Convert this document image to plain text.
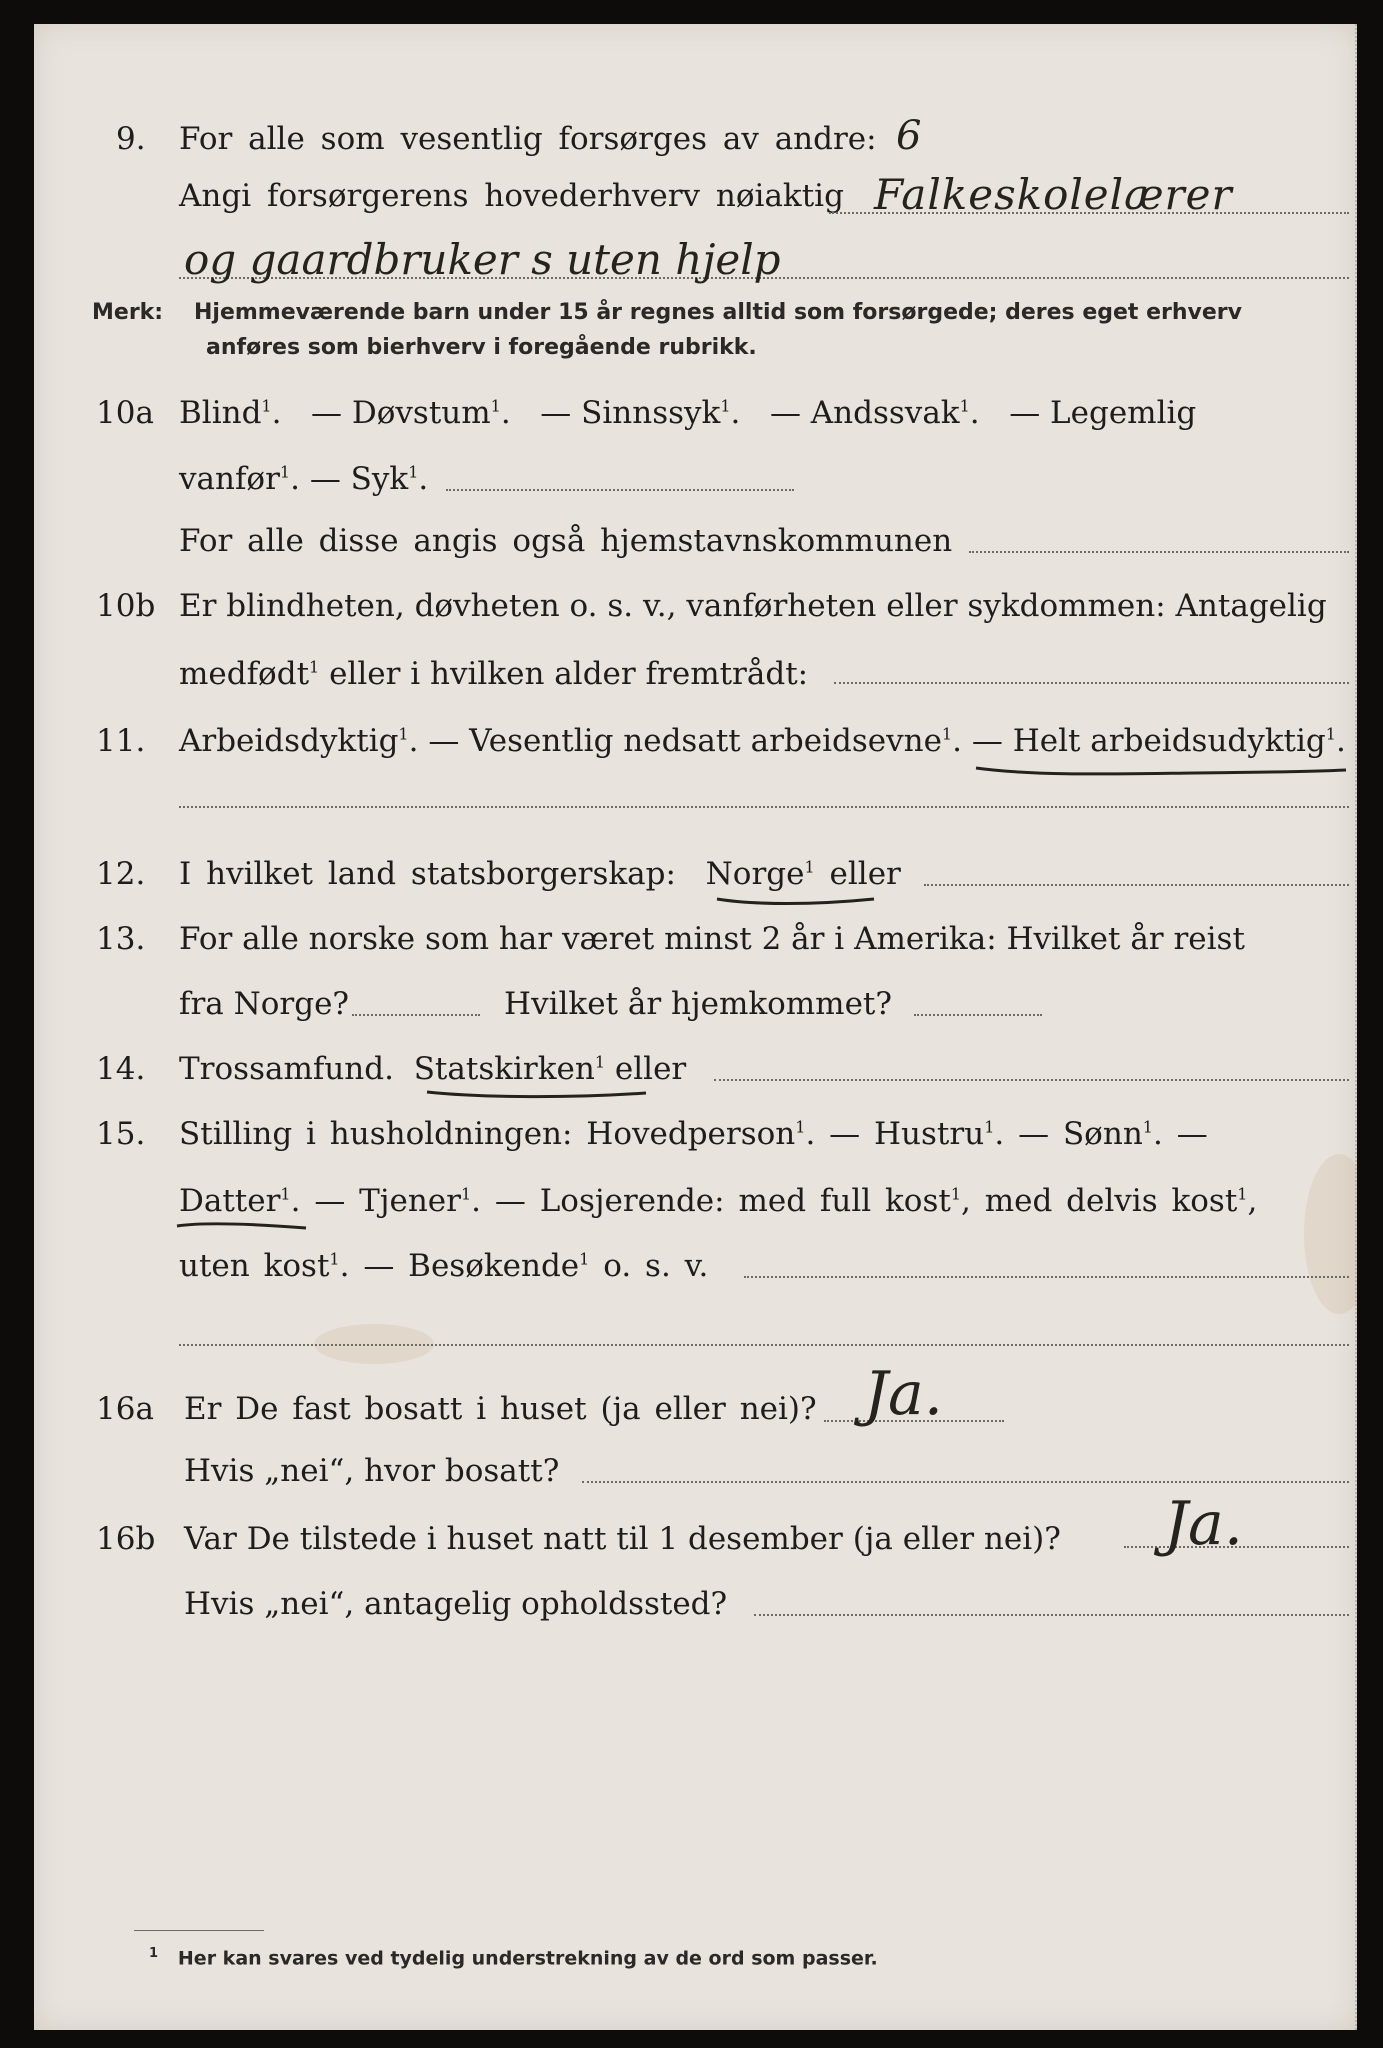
9. For alle som vesentlig forsørges av andre: 6
Angi forsørgerens hovederhverv nøiaktig Falkeskolelærer
og gaardbruker s uten hjelp
Merk: Hjemmeværende barn under 15 år regnes alltid som forsørgede; deres eget erhverv
anføres som bierhverv i foregående rubrikk.
10a Blind$^1$.   — Døvstum$^1$.   — Sinnssyk$^1$.   — Andssvak$^1$.   — Legemlig
vanfør$^1$. — Syk$^1$.
For alle disse angis også hjemstavnskommunen
10b Er blindheten, døvheten o. s. v., vanførheten eller sykdommen: Antagelig
medfødt$^1$ eller i hvilken alder fremtrådt:
11. Arbeidsdyktig$^1$. — Vesentlig nedsatt arbeidsevne$^1$. — Helt arbeidsudyktig$^1$.
12. I hvilket land statsborgerskap: Norge$^1$ eller
13. For alle norske som har været minst 2 år i Amerika: Hvilket år reist
fra Norge?	Hvilket år hjemkommet?
14. Trossamfund. Statskirken$^1$ eller
15. Stilling i husholdningen: Hovedperson$^1$. — Hustru$^1$. — Sønn$^1$. —
Datter$^1$. — Tjener$^1$. — Losjerende: med full kost$^1$, med delvis kost$^1$,
uten kost$^1$. — Besøkende$^1$ o. s. v.
16a Er De fast bosatt i huset (ja eller nei)? Ja.
Hvis „nei“, hvor bosatt?
16b Var De tilstede i huset natt til 1 desember (ja eller nei)? Ja.
Hvis „nei“, antagelig opholdssted?
$^1$ Her kan svares ved tydelig understrekning av de ord som passer.
